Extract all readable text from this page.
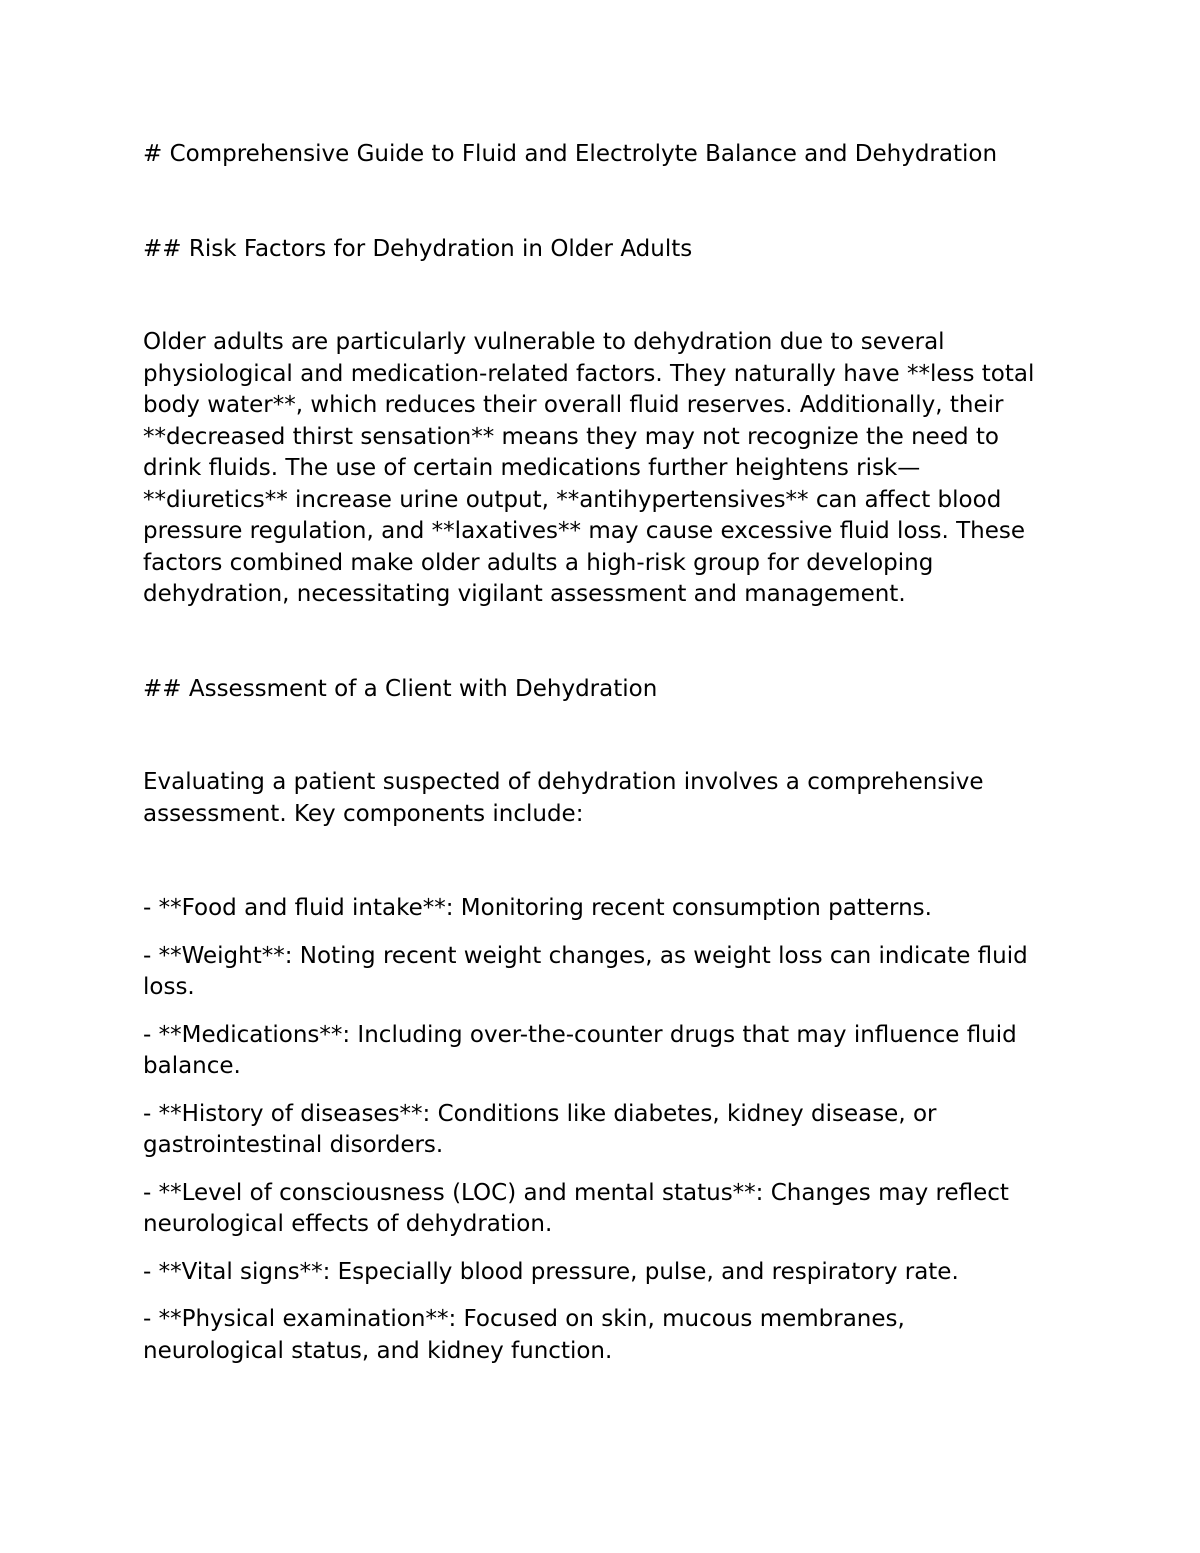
# Comprehensive Guide to Fluid and Electrolyte Balance and Dehydration

## Risk Factors for Dehydration in Older Adults

Older adults are particularly vulnerable to dehydration due to several

physiological and medication-related factors. They naturally have **less total

body water**, which reduces their overall fluid reserves. Additionally, their

**decreased thirst sensation** means they may not recognize the need to

drink fluids. The use of certain medications further heightens risk—

**diuretics** increase urine output, **antihypertensives** can affect blood

pressure regulation, and **laxatives** may cause excessive fluid loss. These

factors combined make older adults a high-risk group for developing

dehydration, necessitating vigilant assessment and management.

## Assessment of a Client with Dehydration

Evaluating a patient suspected of dehydration involves a comprehensive

assessment. Key components include:

- **Food and fluid intake**: Monitoring recent consumption patterns.

- **Weight**: Noting recent weight changes, as weight loss can indicate fluid

loss.

- **Medications**: Including over-the-counter drugs that may influence fluid

balance.

- **History of diseases**: Conditions like diabetes, kidney disease, or

gastrointestinal disorders.

- **Level of consciousness (LOC) and mental status**: Changes may reflect

neurological effects of dehydration.

- **Vital signs**: Especially blood pressure, pulse, and respiratory rate.

- **Physical examination**: Focused on skin, mucous membranes,

neurological status, and kidney function.
